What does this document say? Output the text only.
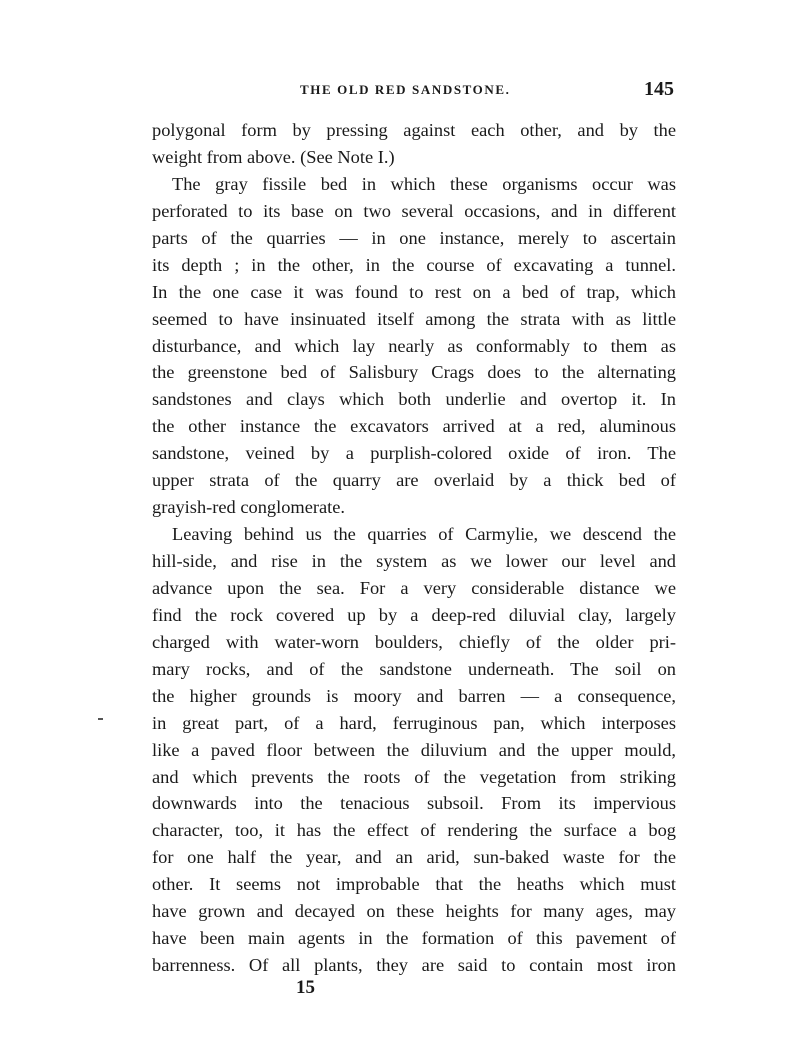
THE OLD RED SANDSTONE.	145
polygonal form by pressing against each other, and by the
weight from above. (See Note I.)
The gray fissile bed in which these organisms occur was
perforated to its base on two several occasions, and in different
parts of the quarries — in one instance, merely to ascertain
its depth ; in the other, in the course of excavating a tunnel.
In the one case it was found to rest on a bed of trap, which
seemed to have insinuated itself among the strata with as little
disturbance, and which lay nearly as conformably to them as
the greenstone bed of Salisbury Crags does to the alternating
sandstones and clays which both underlie and overtop it. In
the other instance the excavators arrived at a red, aluminous
sandstone, veined by a purplish-colored oxide of iron. The
upper strata of the quarry are overlaid by a thick bed of
grayish-red conglomerate.
Leaving behind us the quarries of Carmylie, we descend the
hill-side, and rise in the system as we lower our level and
advance upon the sea. For a very considerable distance we
find the rock covered up by a deep-red diluvial clay, largely
charged with water-worn boulders, chiefly of the older pri-
mary rocks, and of the sandstone underneath. The soil on
the higher grounds is moory and barren — a consequence,
in great part, of a hard, ferruginous pan, which interposes
like a paved floor between the diluvium and the upper mould,
and which prevents the roots of the vegetation from striking
downwards into the tenacious subsoil. From its impervious
character, too, it has the effect of rendering the surface a bog
for one half the year, and an arid, sun-baked waste for the
other. It seems not improbable that the heaths which must
have grown and decayed on these heights for many ages, may
have been main agents in the formation of this pavement of
barrenness. Of all plants, they are said to contain most iron
15
